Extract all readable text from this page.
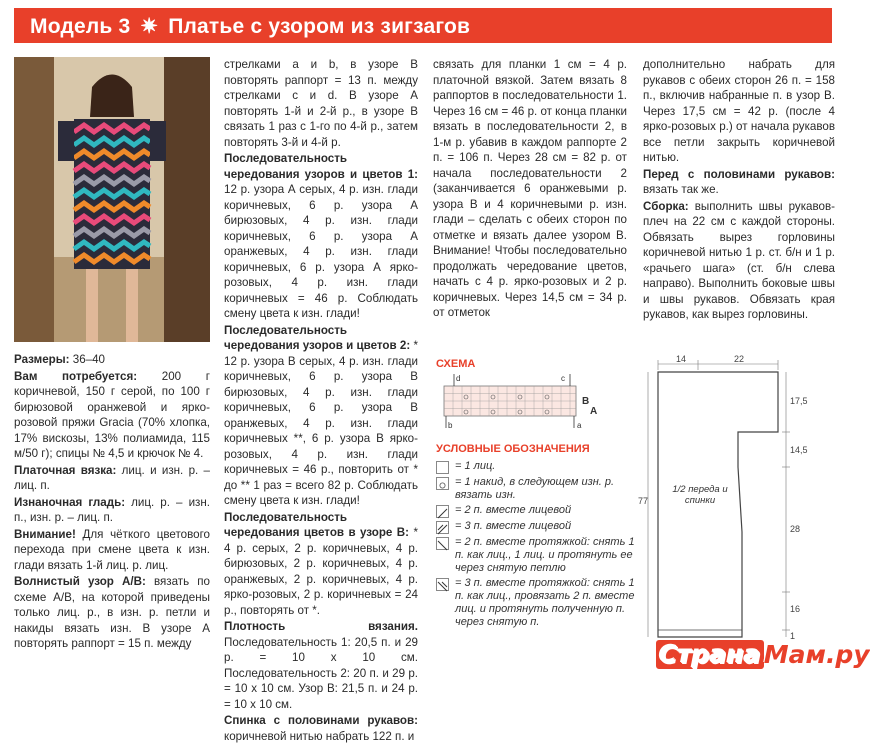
Модель 3 ✷ Платье с узором из зигзагов

Размеры: 36–40

Вам потребуется: 200 г коричневой, 150 г серой, по 100 г бирюзовой оранжевой и ярко-розовой пряжи Gracia (70% хлопка, 17% вискозы, 13% полиамида, 115 м/50 г); спицы № 4,5 и крючок № 4.

Платочная вязка: лиц. и изн. р. – лиц. п.

Изнаночная гладь: лиц. р. – изн. п., изн. р. – лиц. п.

Внимание! Для чёткого цветового перехода при смене цвета к изн. глади вязать 1-й лиц. р. лиц.

Волнистый узор А/В: вязать по схеме А/В, на которой приведены только лиц. р., в изн. р. петли и накиды вязать изн. В узоре А повторять раппорт = 15 п. между

стрелками а и b, в узоре В повторять раппорт = 13 п. между стрелками с и d. В узоре А повторять 1-й и 2-й р., в узоре В связать 1 раз с 1-го по 4-й р., затем повторять 3-й и 4-й р.

Последовательность чередования узоров и цветов 1: 12 р. узора А серых, 4 р. изн. глади коричневых, 6 р. узора А бирюзовых, 4 р. изн. глади коричневых, 6 р. узора А оранжевых, 4 р. изн. глади коричневых, 6 р. узора А ярко-розовых, 4 р. изн. глади коричневых = 46 р. Соблюдать смену цвета к изн. глади!

Последовательность чередования узоров и цветов 2: * 12 р. узора В серых, 4 р. изн. глади коричневых, 6 р. узора В бирюзовых, 4 р. изн. глади коричневых, 6 р. узора В оранжевых, 4 р. изн. глади коричневых **, 6 р. узора В ярко-розовых, 4 р. изн. глади коричневых = 46 р., повторить от * до ** 1 раз = всего 82 р. Соблюдать смену цвета к изн. глади!

Последовательность чередования цветов в узоре В: * 4 р. серых, 2 р. коричневых, 4 р. бирюзовых, 2 р. коричневых, 4 р. оранжевых, 2 р. коричневых, 4 р. ярко-розовых, 2 р. коричневых = 24 р., повторять от *.

Плотность вязания. Последовательность 1: 20,5 п. и 29 р. = 10 x 10 см. Последовательность 2: 20 п. и 29 р. = 10 x 10 см. Узор В: 21,5 п. и 24 р. = 10 x 10 см.

Спинка с половинами рукавов: коричневой нитью набрать 122 п. и

связать для планки 1 см = 4 р. платочной вязкой. Затем вязать 8 раппортов в последовательности 1. Через 16 см = 46 р. от конца планки вязать в последовательности 2, в 1-м р. убавив в каждом раппорте 2 п. = 106 п. Через 28 см = 82 р. от начала последовательности 2 (заканчивается 6 оранжевыми р. узора В и 4 коричневыми р. изн. глади – сделать с обеих сторон по отметке и вязать далее узором В. Внимание! Чтобы последовательно продолжать чередование цветов, начать с 4 р. ярко-розовых и 2 р. коричневых. Через 14,5 см = 34 р. от отметок

дополнительно набрать для рукавов с обеих сторон 26 п. = 158 п., включив набранные п. в узор В. Через 17,5 см = 42 р. (после 4 ярко-розовых р.) от начала рукавов все петли закрыть коричневой нитью.

Перед с половинами рукавов: вязать так же.

Сборка: выполнить швы рукавов-плеч на 22 см с каждой стороны. Обвязать вырез горловины коричневой нитью 1 р. ст. б/н и 1 р. «рачьего шага» (ст. б/н слева направо). Выполнить боковые швы и швы рукавов. Обвязать края рукавов, как вырез горловины.

СХЕМА
d	c
b	a
B
A
УСЛОВНЫЕ ОБОЗНАЧЕНИЯ
= 1 лиц.
= 1 накид, в следующем изн. р. вязать изн.
= 2 п. вместе лицевой
= 3 п. вместе лицевой
= 2 п. вместе протяжкой: снять 1 п. как лиц., 1 лиц. и протянуть ее через снятую петлю
= 3 п. вместе протяжкой: снять 1 п. как лиц., провязать 2 п. вместе лиц. и протянуть полученную п. через снятую п.
14	22
17,5
14,5
77
28
16
1
1/2 переда и спинки
Страна Мам.ру
